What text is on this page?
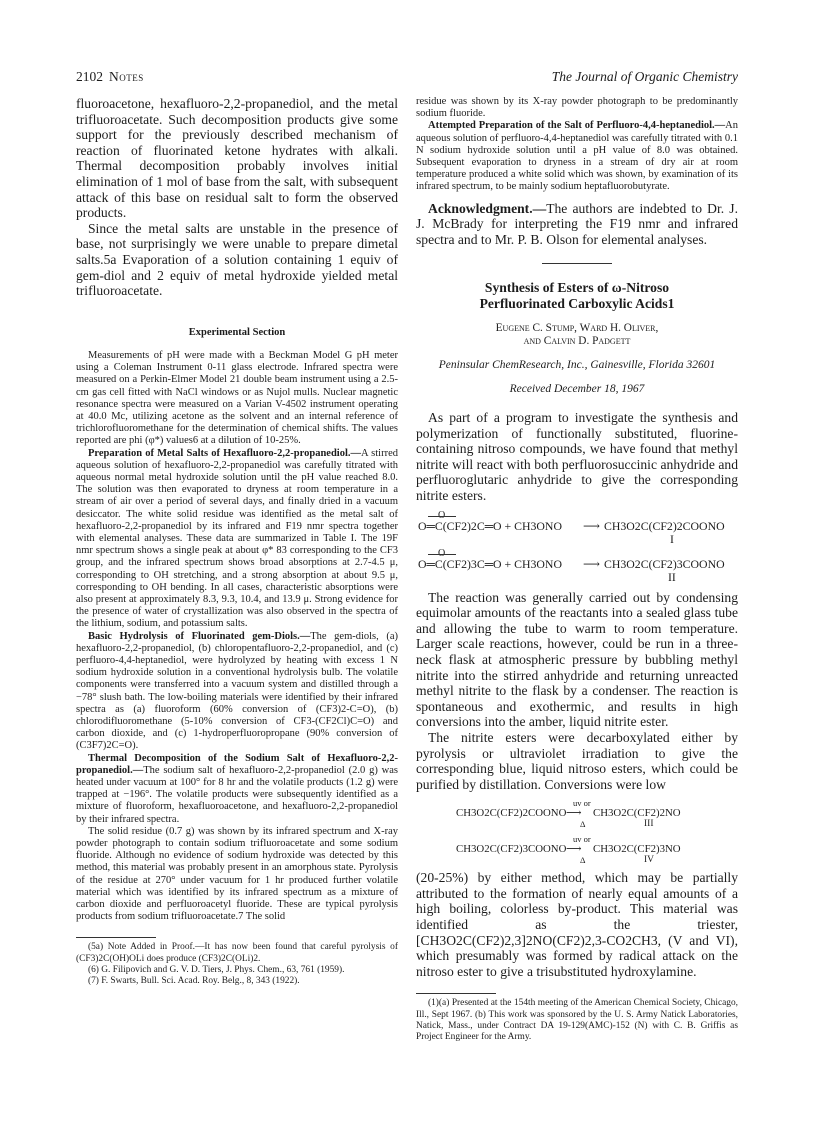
2102 Notes	The Journal of Organic Chemistry

fluoroacetone, hexafluoro-2,2-propanediol, and the metal trifluoroacetate. Such decomposition products give some support for the previously described mechanism of reaction of fluorinated ketone hydrates with alkali. Thermal decomposition probably involves initial elimination of 1 mol of base from the salt, with subsequent attack of this base on residual salt to form the observed products.

Since the metal salts are unstable in the presence of base, not surprisingly we were unable to prepare dimetal salts.5a Evaporation of a solution containing 1 equiv of gem-diol and 2 equiv of metal hydroxide yielded metal trifluoroacetate.

Experimental Section

Measurements of pH were made with a Beckman Model G pH meter using a Coleman Instrument 0-11 glass electrode. Infrared spectra were measured on a Perkin-Elmer Model 21 double beam instrument using a 2.5-cm gas cell fitted with NaCl windows or as Nujol mulls. Nuclear magnetic resonance spectra were measured on a Varian V-4502 instrument operating at 40.0 Mc, utilizing acetone as the solvent and an internal reference of trichlorofluoromethane for the determination of chemical shifts. The values reported are phi (φ*) values6 at a dilution of 10-25%.

Preparation of Metal Salts of Hexafluoro-2,2-propanediol.—A stirred aqueous solution of hexafluoro-2,2-propanediol was carefully titrated with aqueous normal metal hydroxide solution until the pH value reached 8.0. The solution was then evaporated to dryness at room temperature in a stream of air over a period of several days, and finally dried in a vacuum desiccator. The white solid residue was identified as the metal salt of hexafluoro-2,2-propanediol by its infrared and F19 nmr spectra together with elemental analyses. These data are summarized in Table I. The 19F nmr spectrum shows a single peak at about φ* 83 corresponding to the CF3 group, and the infrared spectrum shows broad absorptions at 2.7-4.5 μ, corresponding to OH stretching, and a strong absorption at about 9.5 μ, corresponding to OH bending. In all cases, characteristic absorptions were also present at approximately 8.3, 9.3, 10.4, and 13.9 μ. Strong evidence for the presence of water of crystallization was also observed in the spectra of the lithium, sodium, and potassium salts.

Basic Hydrolysis of Fluorinated gem-Diols.—The gem-diols, (a) hexafluoro-2,2-propanediol, (b) chloropentafluoro-2,2-propanediol, and (c) perfluoro-4,4-heptanediol, were hydrolyzed by heating with excess 1 N sodium hydroxide solution in a conventional hydrolysis bulb. The volatile components were transferred into a vacuum system and distilled through a −78° slush bath. The low-boiling materials were identified by their infrared spectra as (a) fluoroform (60% conversion of (CF3)2-C=O), (b) chlorodifluoromethane (5-10% conversion of CF3-(CF2Cl)C=O) and carbon dioxide, and (c) 1-hydroperfluoropropane (90% conversion of (C3F7)2C=O).

Thermal Decomposition of the Sodium Salt of Hexafluoro-2,2-propanediol.—The sodium salt of hexafluoro-2,2-propanediol (2.0 g) was heated under vacuum at 100° for 8 hr and the volatile products (1.2 g) were trapped at −196°. The volatile products were subsequently identified as a mixture of fluoroform, hexafluoroacetone, and hexafluoro-2,2-propanediol by their infrared spectra.

The solid residue (0.7 g) was shown by its infrared spectrum and X-ray powder photograph to contain sodium trifluoroacetate and some sodium fluoride. Although no evidence of sodium hydroxide was detected by this method, this material was probably present in an amorphous state. Pyrolysis of the residue at 270° under vacuum for 1 hr produced further volatile material which was identified by its infrared spectrum as a mixture of carbon dioxide and perfluoroacetyl fluoride. These are typical pyrolysis products from sodium trifluoroacetate.7 The solid

(5a) Note Added in Proof.—It has now been found that careful pyrolysis of (CF3)2C(OH)OLi does produce (CF3)2C(OLi)2.

(6) G. Filipovich and G. V. D. Tiers, J. Phys. Chem., 63, 761 (1959).

(7) F. Swarts, Bull. Sci. Acad. Roy. Belg., 8, 343 (1922).

residue was shown by its X-ray powder photograph to be predominantly sodium fluoride.

Attempted Preparation of the Salt of Perfluoro-4,4-heptanediol.—An aqueous solution of perfluoro-4,4-heptanediol was carefully titrated with 0.1 N sodium hydroxide solution until a pH value of 8.0 was obtained. Subsequent evaporation to dryness in a stream of dry air at room temperature produced a white solid which was shown, by examination of its infrared spectrum, to be mainly sodium heptafluorobutyrate.

Acknowledgment.—The authors are indebted to Dr. J. J. McBrady for interpreting the F19 nmr and infrared spectra and to Mr. P. B. Olson for elemental analyses.

Synthesis of Esters of ω-Nitroso
Perfluorinated Carboxylic Acids1

Eugene C. Stump, Ward H. Oliver,
and Calvin D. Padgett

Peninsular ChemResearch, Inc., Gainesville, Florida 32601

Received December 18, 1967

As part of a program to investigate the synthesis and polymerization of functionally substituted, fluorine-containing nitroso compounds, we have found that methyl nitrite will react with both perfluorosuccinic anhydride and perfluoroglutaric anhydride to give the corresponding nitrite esters.

O
O═C(CF2)2C═O + CH3ONO ⟶ CH3O2C(CF2)2COONO
I
O
O═C(CF2)3C═O + CH3ONO ⟶ CH3O2C(CF2)3COONO
II

The reaction was generally carried out by condensing equimolar amounts of the reactants into a sealed glass tube and allowing the tube to warm to room temperature. Larger scale reactions, however, could be run in a three-neck flask at atmospheric pressure by bubbling methyl nitrite into the stirred anhydride and returning unreacted methyl nitrite to the flask by a condenser. The reaction is spontaneous and exothermic, and results in high conversions into the amber, liquid nitrite ester.

The nitrite esters were decarboxylated either by pyrolysis or ultraviolet irradiation to give the corresponding blue, liquid nitroso esters, which could be purified by distillation. Conversions were low

CH3O2C(CF2)2COONO
uv or
⟶
Δ
CH3O2C(CF2)2NO
III
CH3O2C(CF2)3COONO
uv or
⟶
Δ
CH3O2C(CF2)3NO
IV

(20-25%) by either method, which may be partially attributed to the formation of nearly equal amounts of a high boiling, colorless by-product. This material was identified as the triester, [CH3O2C(CF2)2,3]2NO(CF2)2,3-CO2CH3, (V and VI), which presumably was formed by radical attack on the nitroso ester to give a trisubstituted hydroxylamine.

(1)(a) Presented at the 154th meeting of the American Chemical Society, Chicago, Ill., Sept 1967. (b) This work was sponsored by the U. S. Army Natick Laboratories, Natick, Mass., under Contract DA 19-129(AMC)-152 (N) with C. B. Griffis as Project Engineer for the Army.
